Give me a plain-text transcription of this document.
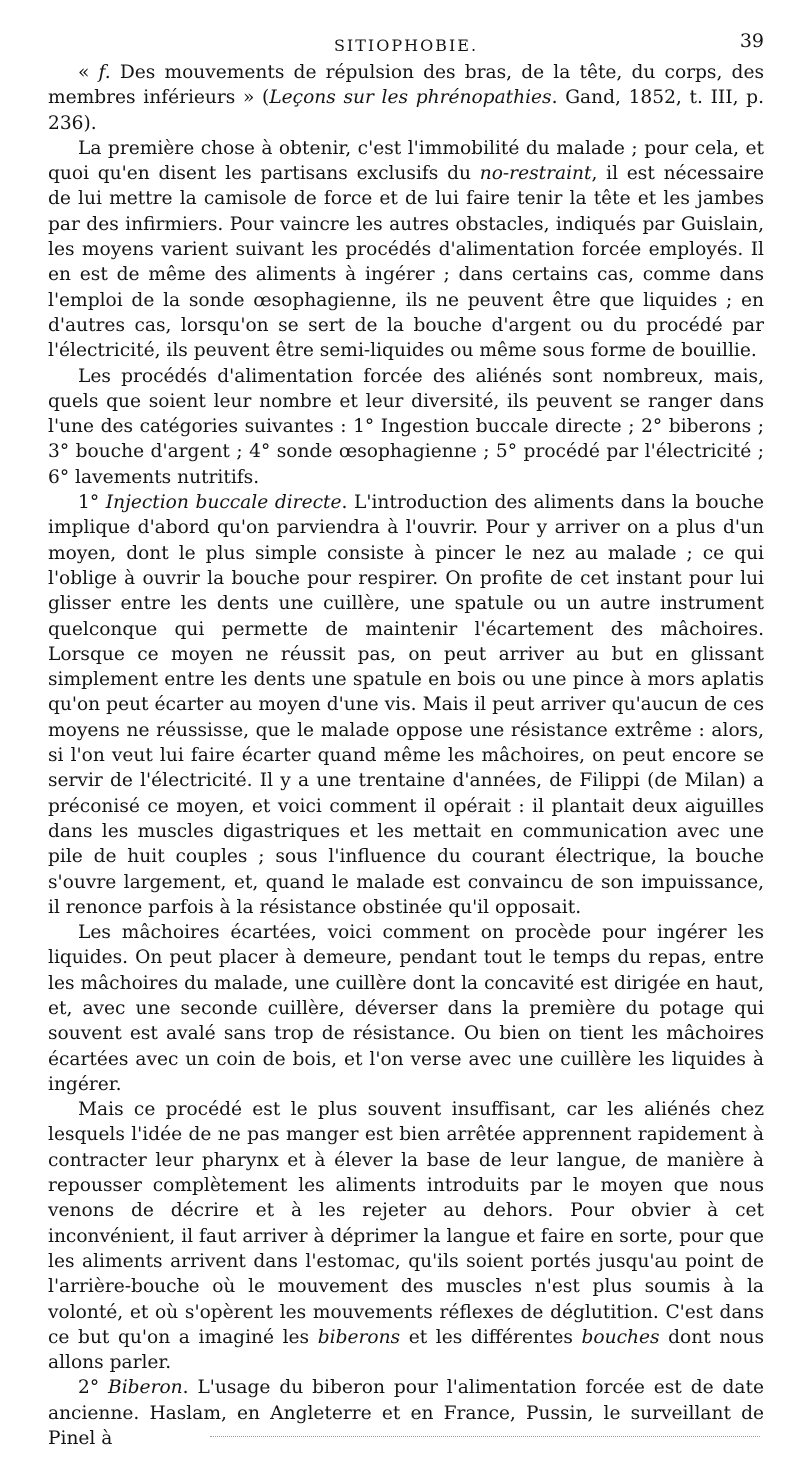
SITIOPHOBIE.	39

« f. Des mouvements de répulsion des bras, de la tête, du corps, des membres inférieurs » (Leçons sur les phrénopathies. Gand, 1852, t. III, p. 236).

La première chose à obtenir, c'est l'immobilité du malade ; pour cela, et quoi qu'en disent les partisans exclusifs du no-restraint, il est nécessaire de lui mettre la camisole de force et de lui faire tenir la tête et les jambes par des infirmiers. Pour vaincre les autres obstacles, indiqués par Guislain, les moyens varient suivant les procédés d'alimentation forcée employés. Il en est de même des aliments à ingérer ; dans certains cas, comme dans l'emploi de la sonde œsophagienne, ils ne peuvent être que liquides ; en d'autres cas, lorsqu'on se sert de la bouche d'argent ou du procédé par l'électricité, ils peuvent être semi-liquides ou même sous forme de bouillie.

Les procédés d'alimentation forcée des aliénés sont nombreux, mais, quels que soient leur nombre et leur diversité, ils peuvent se ranger dans l'une des catégories suivantes : 1° Ingestion buccale directe ; 2° biberons ; 3° bouche d'argent ; 4° sonde œsophagienne ; 5° procédé par l'électricité ; 6° lavements nutritifs.

1° Injection buccale directe. L'introduction des aliments dans la bouche implique d'abord qu'on parviendra à l'ouvrir. Pour y arriver on a plus d'un moyen, dont le plus simple consiste à pincer le nez au malade ; ce qui l'oblige à ouvrir la bouche pour respirer. On profite de cet instant pour lui glisser entre les dents une cuillère, une spatule ou un autre instrument quelconque qui permette de maintenir l'écartement des mâchoires. Lorsque ce moyen ne réussit pas, on peut arriver au but en glissant simplement entre les dents une spatule en bois ou une pince à mors aplatis qu'on peut écarter au moyen d'une vis. Mais il peut arriver qu'aucun de ces moyens ne réussisse, que le malade oppose une résistance extrême : alors, si l'on veut lui faire écarter quand même les mâchoires, on peut encore se servir de l'électricité. Il y a une trentaine d'années, de Filippi (de Milan) a préconisé ce moyen, et voici comment il opérait : il plantait deux aiguilles dans les muscles digastriques et les mettait en communication avec une pile de huit couples ; sous l'influence du courant électrique, la bouche s'ouvre largement, et, quand le malade est convaincu de son impuissance, il renonce parfois à la résistance obstinée qu'il opposait.

Les mâchoires écartées, voici comment on procède pour ingérer les liquides. On peut placer à demeure, pendant tout le temps du repas, entre les mâchoires du malade, une cuillère dont la concavité est dirigée en haut, et, avec une seconde cuillère, déverser dans la première du potage qui souvent est avalé sans trop de résistance. Ou bien on tient les mâchoires écartées avec un coin de bois, et l'on verse avec une cuillère les liquides à ingérer.

Mais ce procédé est le plus souvent insuffisant, car les aliénés chez lesquels l'idée de ne pas manger est bien arrêtée apprennent rapidement à contracter leur pharynx et à élever la base de leur langue, de manière à repousser complètement les aliments introduits par le moyen que nous venons de décrire et à les rejeter au dehors. Pour obvier à cet inconvénient, il faut arriver à déprimer la langue et faire en sorte, pour que les aliments arrivent dans l'estomac, qu'ils soient portés jusqu'au point de l'arrière-bouche où le mouvement des muscles n'est plus soumis à la volonté, et où s'opèrent les mouvements réflexes de déglutition. C'est dans ce but qu'on a imaginé les biberons et les différentes bouches dont nous allons parler.

2° Biberon. L'usage du biberon pour l'alimentation forcée est de date ancienne. Haslam, en Angleterre et en France, Pussin, le surveillant de Pinel à
